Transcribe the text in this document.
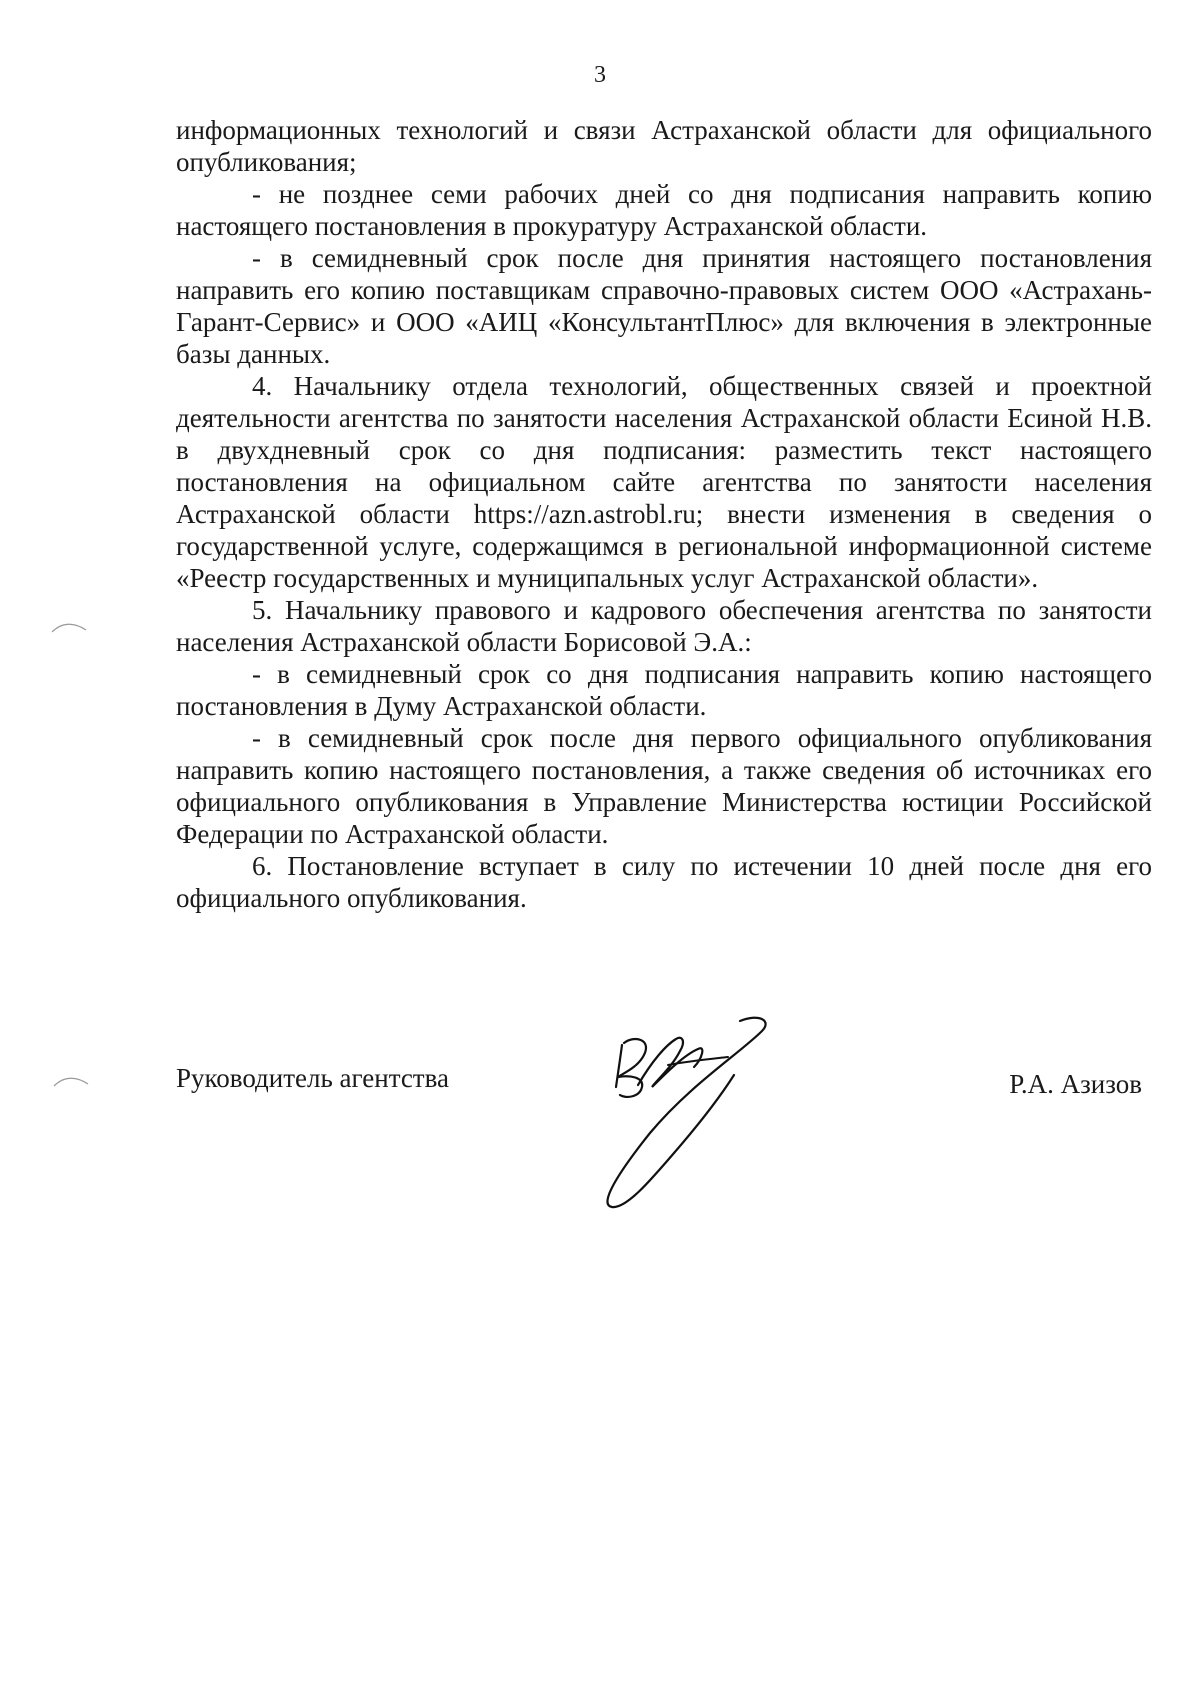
3

информационных технологий и связи Астраханской области для официального

опубликования;

- не позднее семи рабочих дней со дня подписания направить копию настоящего постановления в прокуратуру Астраханской области.

- в семидневный срок после дня принятия настоящего постановления направить его копию поставщикам справочно-правовых систем ООО «Астрахань-Гарант-Сервис» и ООО «АИЦ «КонсультантПлюс» для включения в электронные базы данных.

4. Начальнику отдела технологий, общественных связей и проектной деятельности агентства по занятости населения Астраханской области Есиной Н.В. в двухдневный срок со дня подписания: разместить текст настоящего постановления на официальном сайте агентства по занятости населения Астраханской области https://azn.astrobl.ru; внести изменения в сведения о государственной услуге, содержащимся в региональной информационной системе «Реестр государственных и муниципальных услуг Астраханской области».

5. Начальнику правового и кадрового обеспечения агентства по занятости населения Астраханской области Борисовой Э.А.:

- в семидневный срок со дня подписания направить копию настоящего постановления в Думу Астраханской области.

- в семидневный срок после дня первого официального опубликования направить копию настоящего постановления, а также сведения об источниках его официального опубликования в Управление Министерства юстиции Российской Федерации по Астраханской области.

6. Постановление вступает в силу по истечении 10 дней после дня его официального опубликования.

Руководитель агентства	Р.А. Азизов
